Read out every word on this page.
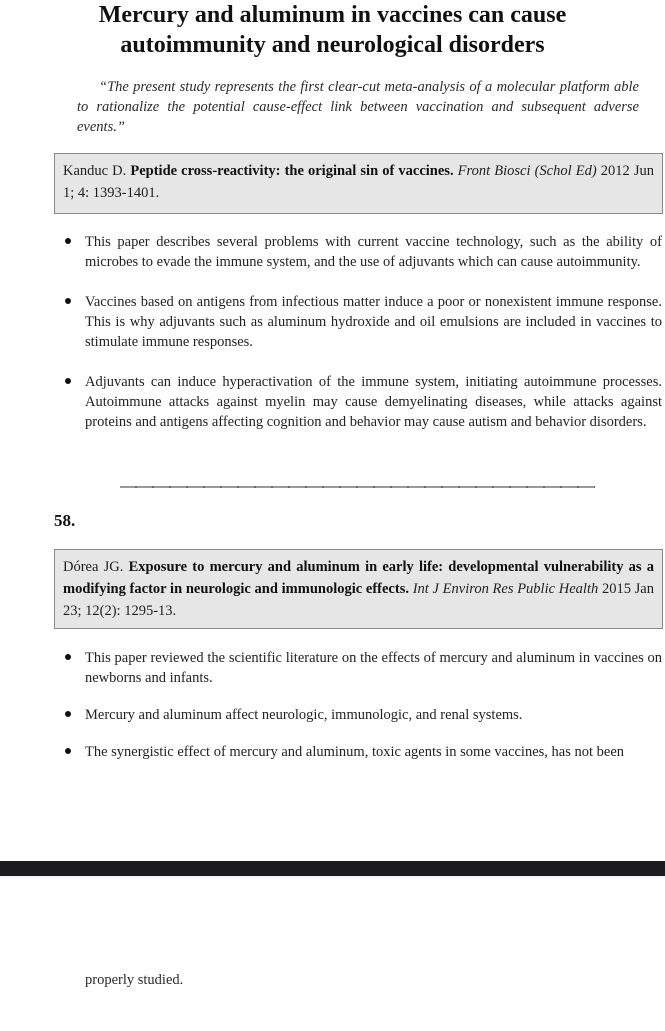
Mercury and aluminum in vaccines can cause
autoimmunity and neurological disorders
“The present study represents the first clear-cut meta-analysis of a molecular platform able to rationalize the potential cause-effect link between vaccination and subsequent adverse events.”
Kanduc D. Peptide cross-reactivity: the original sin of vaccines. Front Biosci (Schol Ed) 2012 Jun 1; 4: 1393-1401.
This paper describes several problems with current vaccine technology, such as the ability of microbes to evade the immune system, and the use of adjuvants which can cause autoimmunity.
Vaccines based on antigens from infectious matter induce a poor or nonexistent immune response. This is why adjuvants such as aluminum hydroxide and oil emulsions are included in vaccines to stimulate immune responses.
Adjuvants can induce hyperactivation of the immune system, initiating autoimmune processes. Autoimmune attacks against myelin may cause demyelinating diseases, while attacks against proteins and antigens affecting cognition and behavior may cause autism and behavior disorders.
58.
Dórea JG. Exposure to mercury and aluminum in early life: developmental vulnerability as a modifying factor in neurologic and immunologic effects. Int J Environ Res Public Health 2015 Jan 23; 12(2): 1295-13.
This paper reviewed the scientific literature on the effects of mercury and aluminum in vaccines on newborns and infants.
Mercury and aluminum affect neurologic, immunologic, and renal systems.
The synergistic effect of mercury and aluminum, toxic agents in some vaccines, has not been
properly studied.
